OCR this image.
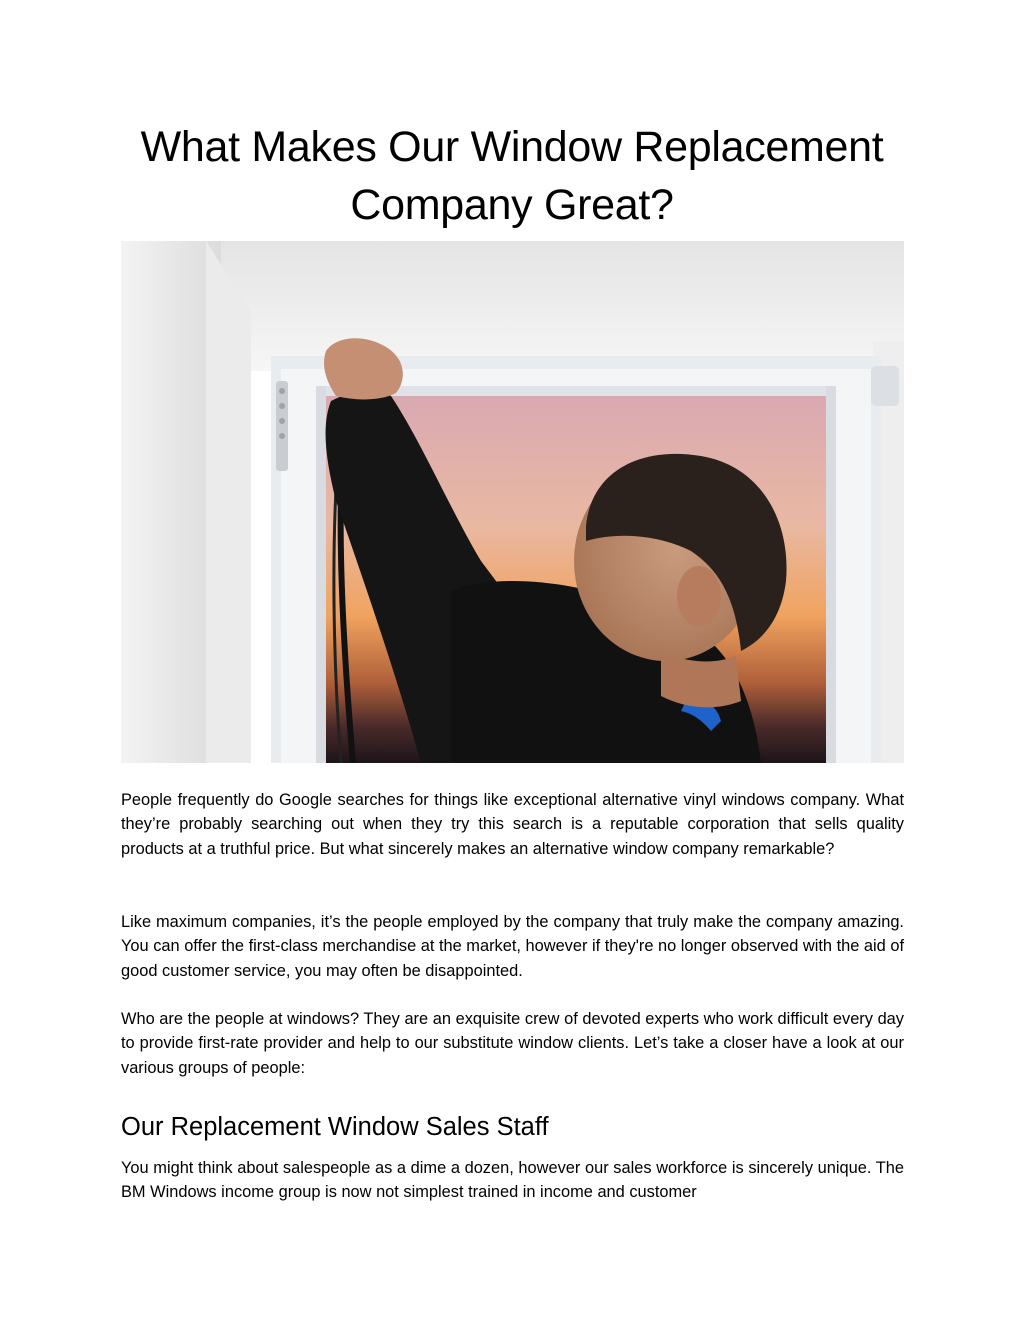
What Makes Our Window Replacement Company Great?

People frequently do Google searches for things like exceptional alternative vinyl windows company. What they’re probably searching out when they try this search is a reputable corporation that sells quality products at a truthful price. But what sincerely makes an alternative window company remarkable?

Like maximum companies, it’s the people employed by the company that truly make the company amazing. You can offer the first-class merchandise at the market, however if they're no longer observed with the aid of good customer service, you may often be disappointed.

Who are the people at windows? They are an exquisite crew of devoted experts who work difficult every day to provide first-rate provider and help to our substitute window clients. Let’s take a closer have a look at our various groups of people:

Our Replacement Window Sales Staff

You might think about salespeople as a dime a dozen, however our sales workforce is sincerely unique. The BM Windows income group is now not simplest trained in income and customer
